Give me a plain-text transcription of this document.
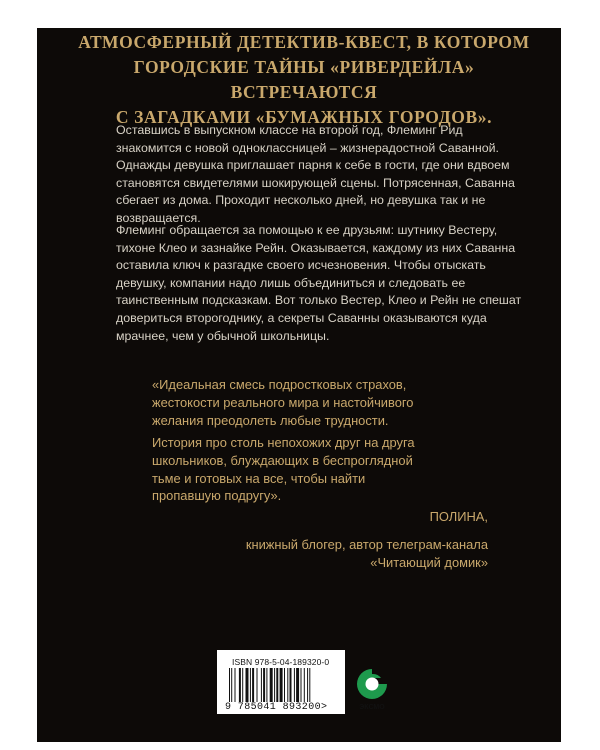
АТМОСФЕРНЫЙ ДЕТЕКТИВ-КВЕСТ, В КОТОРОМ
ГОРОДСКИЕ ТАЙНЫ «РИВЕРДЕЙЛА» ВСТРЕЧАЮТСЯ
С ЗАГАДКАМИ «БУМАЖНЫХ ГОРОДОВ».

Оставшись в выпускном классе на второй год, Флеминг Рид
знакомится с новой одноклассницей – жизнерадостной Саванной.
Однажды девушка приглашает парня к себе в гости, где они вдвоем
становятся свидетелями шокирующей сцены. Потрясенная, Саванна
сбегает из дома. Проходит несколько дней, но девушка так и не
возвращается.

Флеминг обращается за помощью к ее друзьям: шутнику Вестеру,
тихоне Клео и зазнайке Рейн. Оказывается, каждому из них Саванна
оставила ключ к разгадке своего исчезновения. Чтобы отыскать
девушку, компании надо лишь объединиться и следовать ее
таинственным подсказкам. Вот только Вестер, Клео и Рейн не спешат
довериться второгоднику, а секреты Саванны оказываются куда
мрачнее, чем у обычной школьницы.

«Идеальная смесь подростковых страхов,
жестокости реального мира и настойчивого
желания преодолеть любые трудности.

История про столь непохожих друг на друга
школьников, блуждающих в беспроглядной
тьме и готовых на все, чтобы найти
пропавшую подругу».

ПОЛИНА,

книжный блогер, автор телеграм-канала
«Читающий домик»

ISBN 978-5-04-189320-0
9 785041 893200>	ЭКСМО
